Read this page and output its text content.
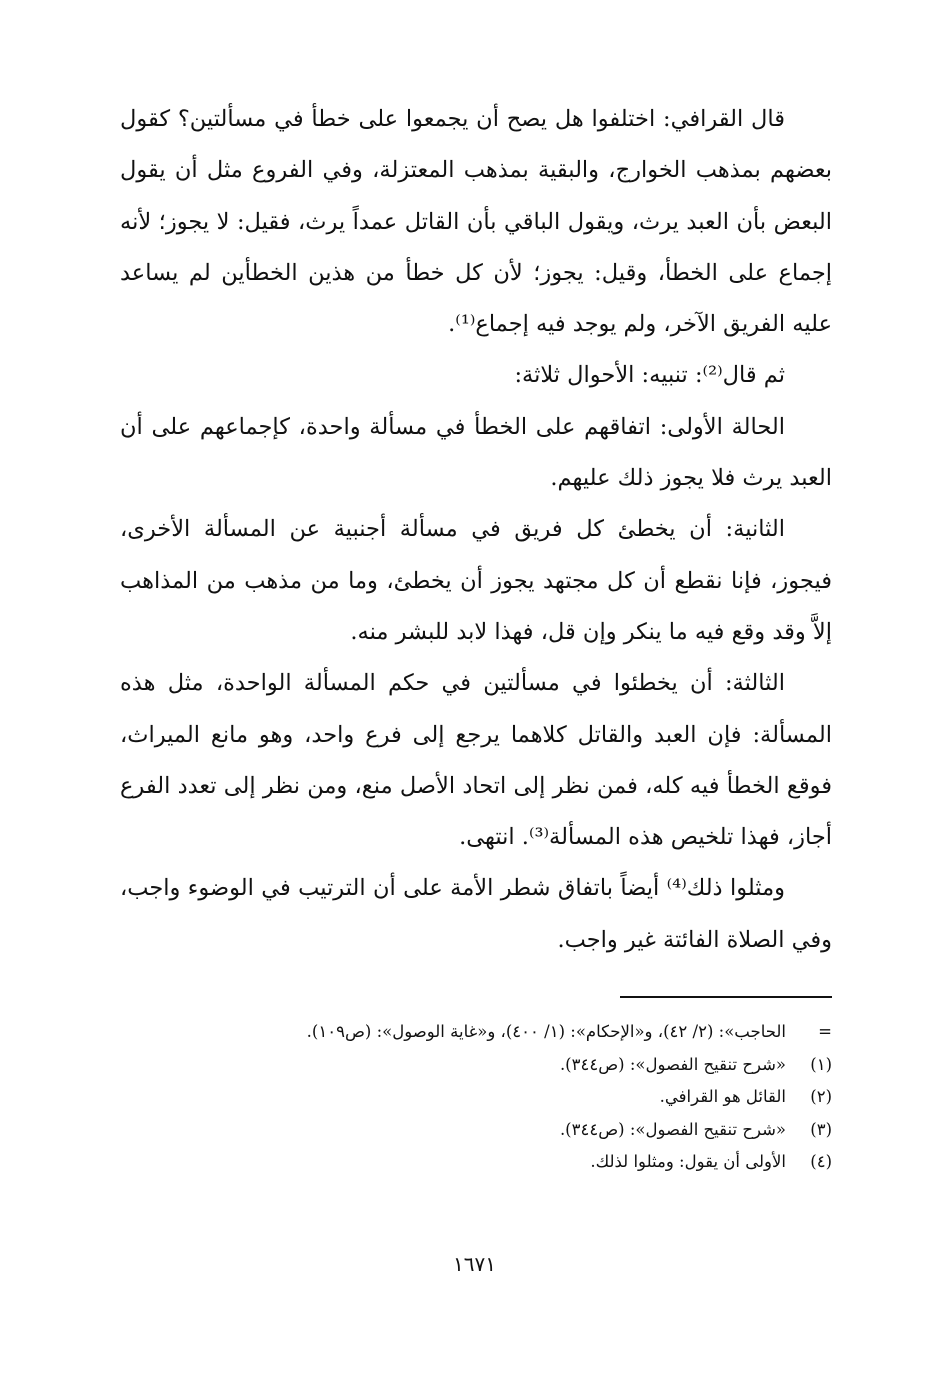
قال القرافي: اختلفوا هل يصح أن يجمعوا على خطأ في مسألتين؟ كقول بعضهم بمذهب الخوارج، والبقية بمذهب المعتزلة، وفي الفروع مثل أن يقول البعض بأن العبد يرث، ويقول الباقي بأن القاتل عمداً يرث، فقيل: لا يجوز؛ لأنه إجماع على الخطأ، وقيل: يجوز؛ لأن كل خطأ من هذين الخطأين لم يساعد عليه الفريق الآخر، ولم يوجد فيه إجماع⁽¹⁾.

ثم قال⁽²⁾: تنبيه: الأحوال ثلاثة:

الحالة الأولى: اتفاقهم على الخطأ في مسألة واحدة، كإجماعهم على أن العبد يرث فلا يجوز ذلك عليهم.

الثانية: أن يخطئ كل فريق في مسألة أجنبية عن المسألة الأخرى، فيجوز، فإنا نقطع أن كل مجتهد يجوز أن يخطئ، وما من مذهب من المذاهب إلاَّ وقد وقع فيه ما ينكر وإن قل، فهذا لابد للبشر منه.

الثالثة: أن يخطئوا في مسألتين في حكم المسألة الواحدة، مثل هذه المسألة: فإن العبد والقاتل كلاهما يرجع إلى فرع واحد، وهو مانع الميراث، فوقع الخطأ فيه كله، فمن نظر إلى اتحاد الأصل منع، ومن نظر إلى تعدد الفرع أجاز، فهذا تلخيص هذه المسألة⁽³⁾. انتهى.

ومثلوا ذلك⁽⁴⁾ أيضاً باتفاق شطر الأمة على أن الترتيب في الوضوء واجب، وفي الصلاة الفائتة غير واجب.

=
الحاجب»: (٢/ ٤٢)، و«الإحكام»: (١/ ٤٠٠)، و«غاية الوصول»: (ص١٠٩).
(١)
«شرح تنقيح الفصول»: (ص٣٤٤).
(٢)
القائل هو القرافي.
(٣)
«شرح تنقيح الفصول»: (ص٣٤٤).
(٤)
الأولى أن يقول: ومثلوا لذلك.
١٦٧١
